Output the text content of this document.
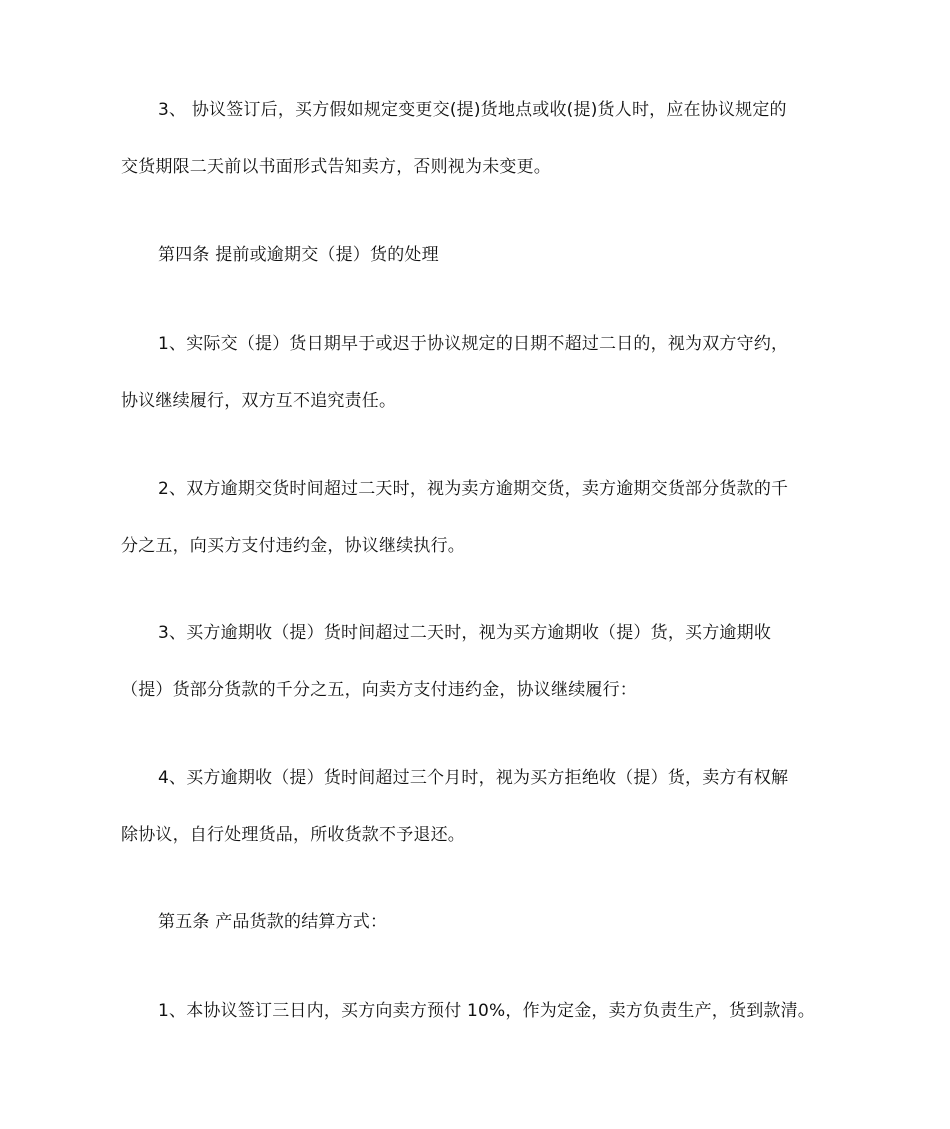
3、 协议签订后，买方假如规定变更交(提)货地点或收(提)货人时，应在协议规定的
交货期限二天前以书面形式告知卖方，否则视为未变更。
第四条 提前或逾期交（提）货的处理
1、实际交（提）货日期早于或迟于协议规定的日期不超过二日的，视为双方守约，
协议继续履行，双方互不追究责任。
2、双方逾期交货时间超过二天时，视为卖方逾期交货，卖方逾期交货部分货款的千
分之五，向买方支付违约金，协议继续执行。
3、买方逾期收（提）货时间超过二天时，视为买方逾期收（提）货，买方逾期收
（提）货部分货款的千分之五，向卖方支付违约金，协议继续履行：
4、买方逾期收（提）货时间超过三个月时，视为买方拒绝收（提）货，卖方有权解
除协议，自行处理货品，所收货款不予退还。
第五条 产品货款的结算方式：
1、本协议签订三日内，买方向卖方预付 10%，作为定金，卖方负责生产，货到款清。
